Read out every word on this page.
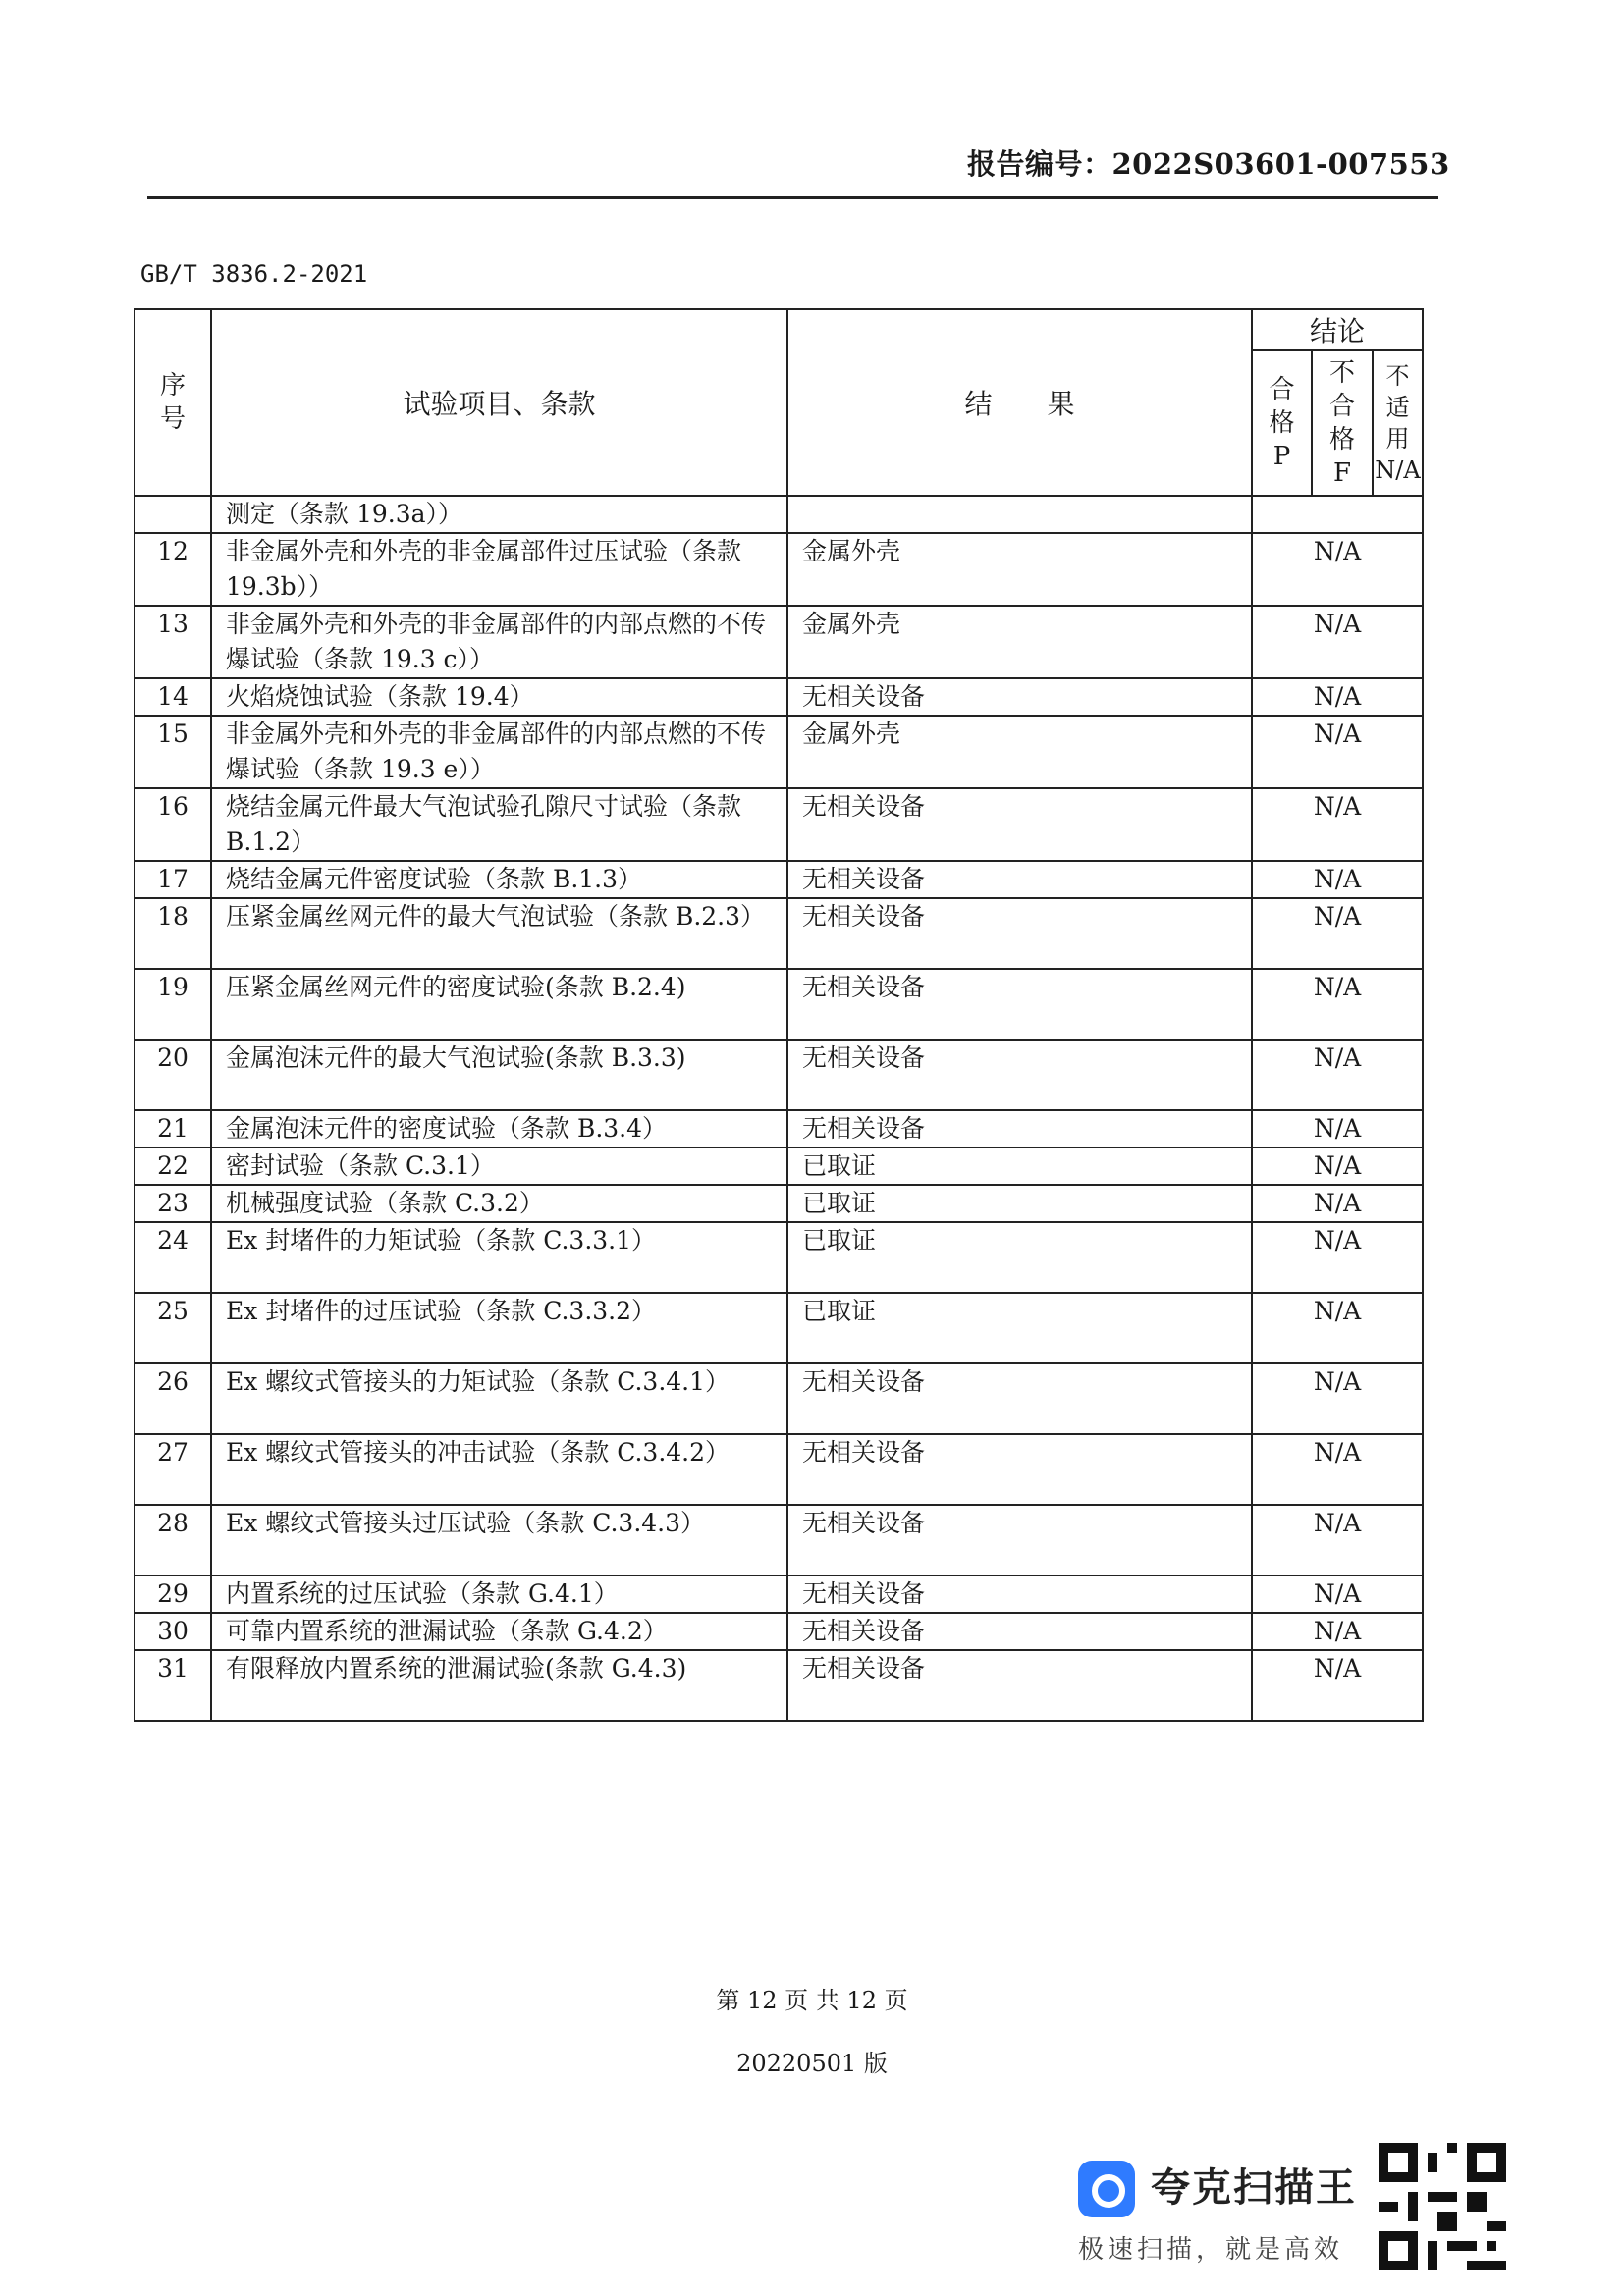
报告编号：2022S03601-007553
GB/T 3836.2-2021
序
号	试验项目、条款	结　　果	结论		

			合
格
P	不
合
格
F	不
适
用
N/A

	测定（条款 19.3a））				
12	非金属外壳和外壳的非金属部件过压试验（条款 19.3b））	金属外壳	N/A		
13	非金属外壳和外壳的非金属部件的内部点燃的不传爆试验（条款 19.3 c））	金属外壳	N/A		
14	火焰烧蚀试验（条款 19.4）	无相关设备	N/A		
15	非金属外壳和外壳的非金属部件的内部点燃的不传爆试验（条款 19.3 e））	金属外壳	N/A		
16	烧结金属元件最大气泡试验孔隙尺寸试验（条款 B.1.2）	无相关设备	N/A		
17	烧结金属元件密度试验（条款 B.1.3）	无相关设备	N/A		
18	压紧金属丝网元件的最大气泡试验（条款 B.2.3）	无相关设备	N/A		
19	压紧金属丝网元件的密度试验(条款 B.2.4)	无相关设备	N/A		
20	金属泡沫元件的最大气泡试验(条款 B.3.3)	无相关设备	N/A		
21	金属泡沫元件的密度试验（条款 B.3.4）	无相关设备	N/A		
22	密封试验（条款 C.3.1）	已取证	N/A		
23	机械强度试验（条款 C.3.2）	已取证	N/A		
24	Ex 封堵件的力矩试验（条款 C.3.3.1）	已取证	N/A		
25	Ex 封堵件的过压试验（条款 C.3.3.2）	已取证	N/A		
26	Ex 螺纹式管接头的力矩试验（条款 C.3.4.1）	无相关设备	N/A		
27	Ex 螺纹式管接头的冲击试验（条款 C.3.4.2）	无相关设备	N/A		
28	Ex 螺纹式管接头过压试验（条款 C.3.4.3）	无相关设备	N/A		
29	内置系统的过压试验（条款 G.4.1）	无相关设备	N/A		
30	可靠内置系统的泄漏试验（条款 G.4.2）	无相关设备	N/A		
31	有限释放内置系统的泄漏试验(条款 G.4.3)	无相关设备	N/A		
第 12 页 共 12 页
20220501 版
夸克扫描王
极速扫描，就是高效
